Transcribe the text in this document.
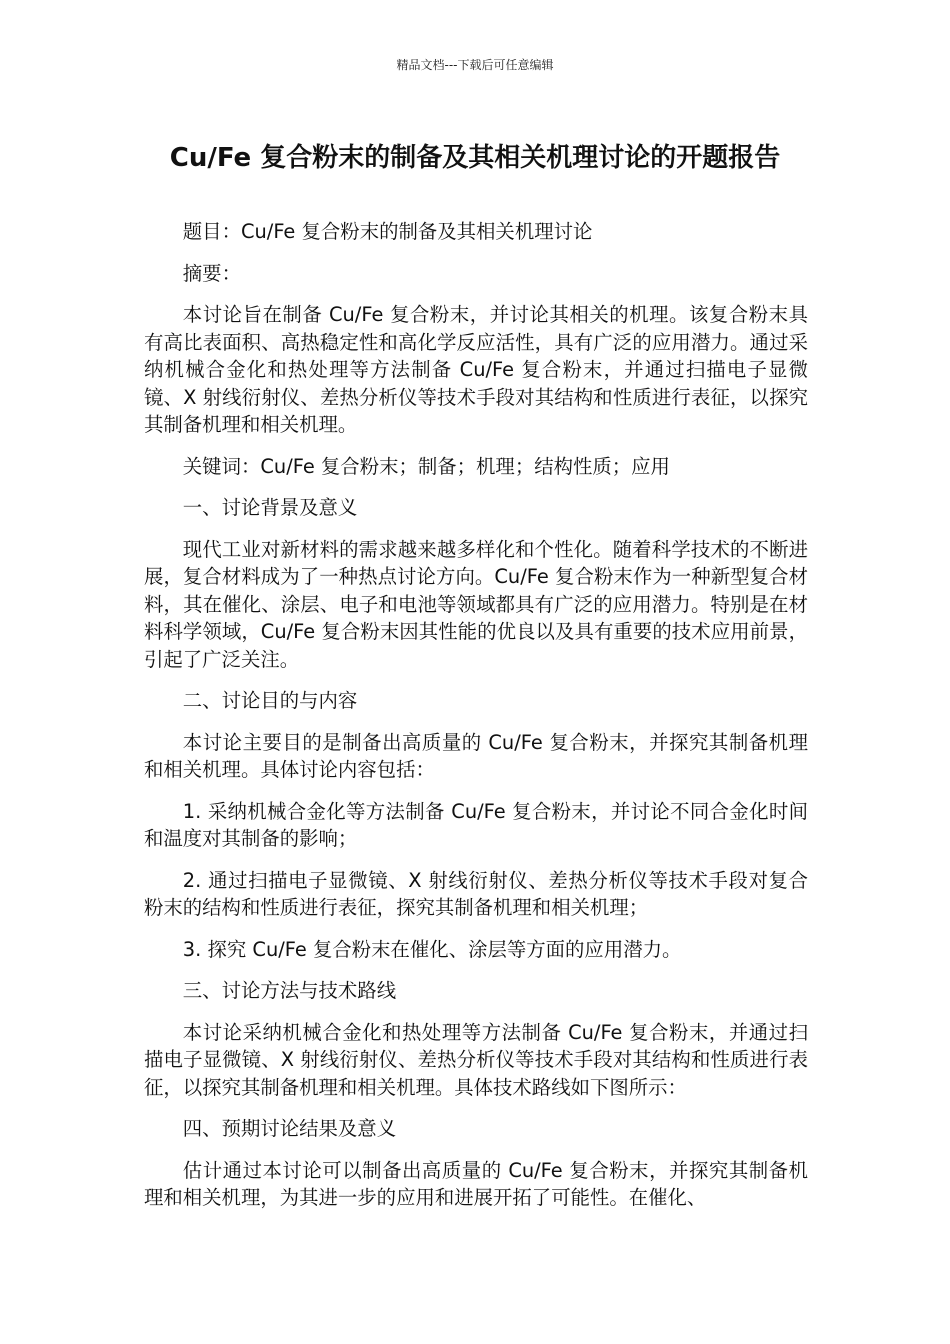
精品文档---下载后可任意编辑

Cu/Fe 复合粉末的制备及其相关机理讨论的开题报告

题目：Cu/Fe 复合粉末的制备及其相关机理讨论

摘要：

本讨论旨在制备 Cu/Fe 复合粉末，并讨论其相关的机理。该复合粉末具有高比表面积、高热稳定性和高化学反应活性，具有广泛的应用潜力。通过采纳机械合金化和热处理等方法制备 Cu/Fe 复合粉末，并通过扫描电子显微镜、X 射线衍射仪、差热分析仪等技术手段对其结构和性质进行表征，以探究其制备机理和相关机理。

关键词：Cu/Fe 复合粉末；制备；机理；结构性质；应用

一、讨论背景及意义

现代工业对新材料的需求越来越多样化和个性化。随着科学技术的不断进展，复合材料成为了一种热点讨论方向。Cu/Fe 复合粉末作为一种新型复合材料，其在催化、涂层、电子和电池等领域都具有广泛的应用潜力。特别是在材料科学领域，Cu/Fe 复合粉末因其性能的优良以及具有重要的技术应用前景，引起了广泛关注。

二、讨论目的与内容

本讨论主要目的是制备出高质量的 Cu/Fe 复合粉末，并探究其制备机理和相关机理。具体讨论内容包括：

1. 采纳机械合金化等方法制备 Cu/Fe 复合粉末，并讨论不同合金化时间和温度对其制备的影响；

2. 通过扫描电子显微镜、X 射线衍射仪、差热分析仪等技术手段对复合粉末的结构和性质进行表征，探究其制备机理和相关机理；

3. 探究 Cu/Fe 复合粉末在催化、涂层等方面的应用潜力。

三、讨论方法与技术路线

本讨论采纳机械合金化和热处理等方法制备 Cu/Fe 复合粉末，并通过扫描电子显微镜、X 射线衍射仪、差热分析仪等技术手段对其结构和性质进行表征，以探究其制备机理和相关机理。具体技术路线如下图所示：

四、预期讨论结果及意义

估计通过本讨论可以制备出高质量的 Cu/Fe 复合粉末，并探究其制备机理和相关机理，为其进一步的应用和进展开拓了可能性。在催化、
